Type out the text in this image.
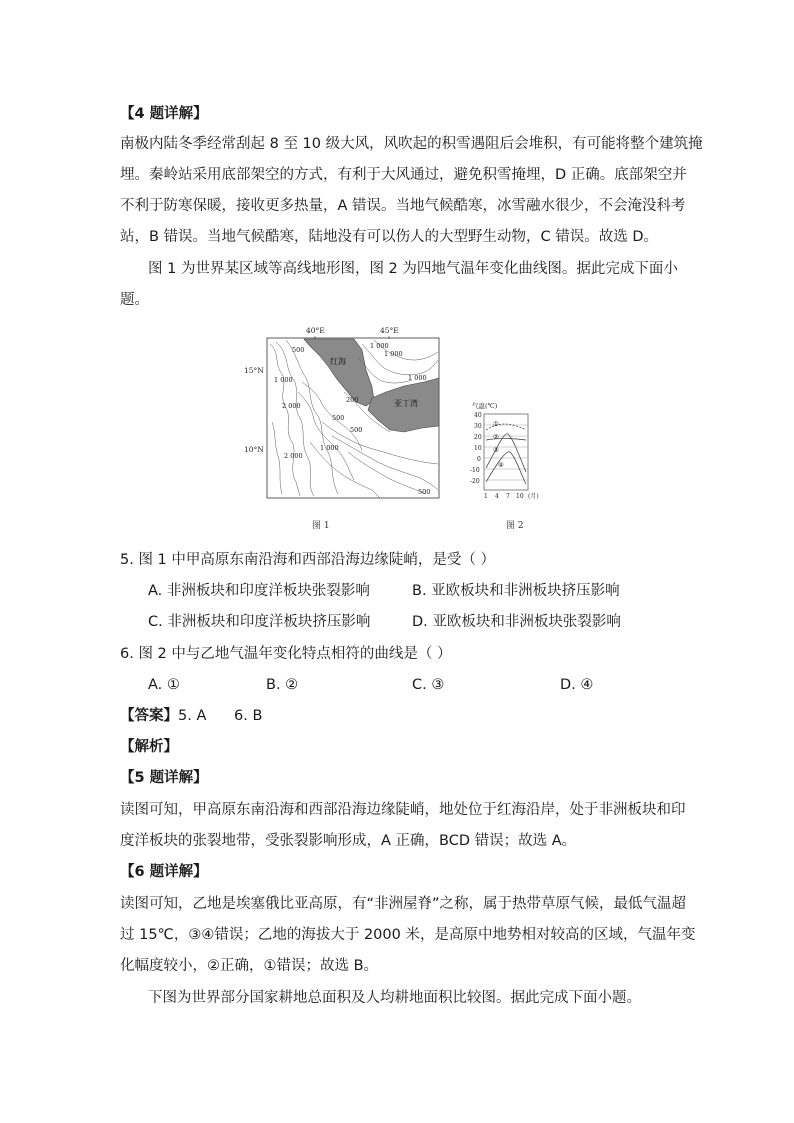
【4 题详解】
南极内陆冬季经常刮起 8 至 10 级大风，风吹起的积雪遇阻后会堆积，有可能将整个建筑掩
埋。秦岭站采用底部架空的方式，有利于大风通过，避免积雪掩埋，D 正确。底部架空并
不利于防寒保暖，接收更多热量，A 错误。当地气候酷寒，冰雪融水很少，不会淹没科考
站，B 错误。当地气候酷寒，陆地没有可以伤人的大型野生动物，C 错误。故选 D。
图 1 为世界某区域等高线地形图，图 2 为四地气温年变化曲线图。据此完成下面小
题。
40°E	45°E
15°N
10°N
红海
亚丁湾
500
1 000
2 000
1 000
2 000
1 000
500
500
200
1 000
500
1 000
气温(℃)
40
30
20
10
0
-10
-20
1 4 7 10 (月)
①
②
③
④
图 1	图 2
5. 图 1 中甲高原东南沿海和西部沿海边缘陡峭，是受（ ）
A. 非洲板块和印度洋板块张裂影响	B. 亚欧板块和非洲板块挤压影响
C. 非洲板块和印度洋板块挤压影响	D. 亚欧板块和非洲板块张裂影响
6. 图 2 中与乙地气温年变化特点相符的曲线是（ ）
A. ①	B. ②	C. ③	D. ④
【答案】5. A      6. B
【解析】
【5 题详解】
读图可知，甲高原东南沿海和西部沿海边缘陡峭，地处位于红海沿岸，处于非洲板块和印
度洋板块的张裂地带，受张裂影响形成，A 正确，BCD 错误；故选 A。
【6 题详解】
读图可知，乙地是埃塞俄比亚高原，有“非洲屋脊”之称，属于热带草原气候，最低气温超
过 15℃，③④错误；乙地的海拔大于 2000 米，是高原中地势相对较高的区域，气温年变
化幅度较小，②正确，①错误；故选 B。
下图为世界部分国家耕地总面积及人均耕地面积比较图。据此完成下面小题。
